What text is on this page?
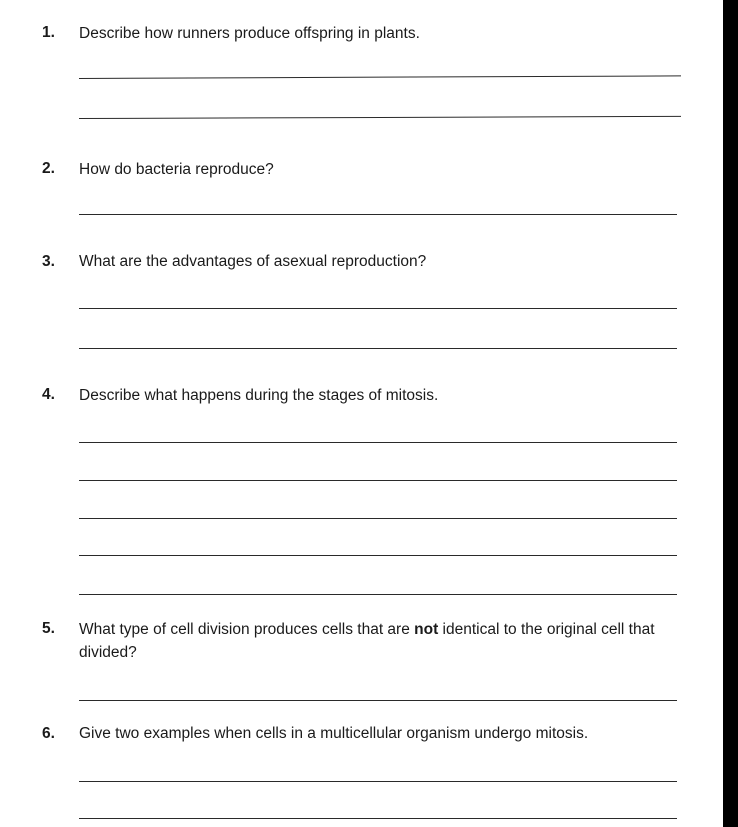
1. Describe how runners produce offspring in plants.
2. How do bacteria reproduce?
3. What are the advantages of asexual reproduction?
4. Describe what happens during the stages of mitosis.
5. What type of cell division produces cells that are not identical to the original cell that divided?
6. Give two examples when cells in a multicellular organism undergo mitosis.
